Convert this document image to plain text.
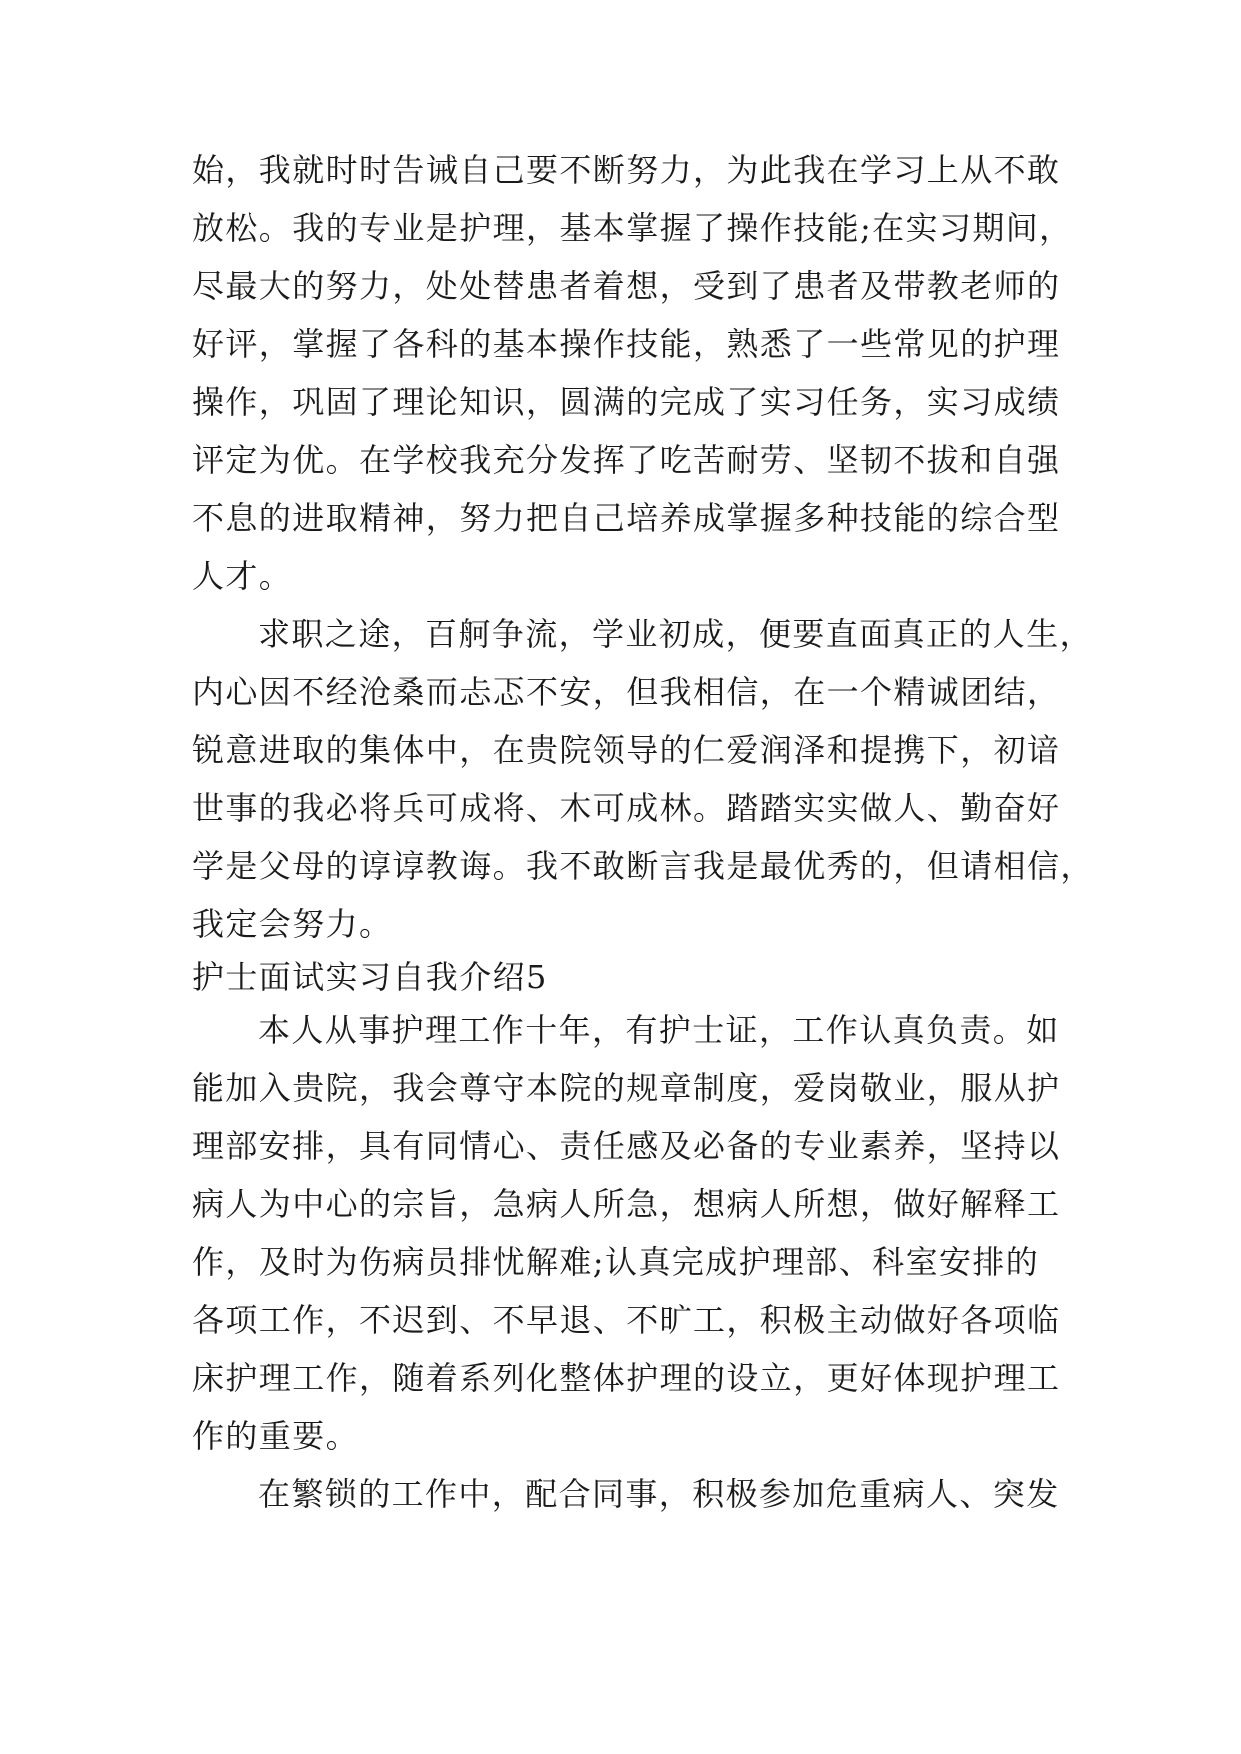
始，我就时时告诫自己要不断努力，为此我在学习上从不敢
放松。我的专业是护理，基本掌握了操作技能;在实习期间，
尽最大的努力，处处替患者着想，受到了患者及带教老师的
好评，掌握了各科的基本操作技能，熟悉了一些常见的护理
操作，巩固了理论知识，圆满的完成了实习任务，实习成绩
评定为优。在学校我充分发挥了吃苦耐劳、坚韧不拔和自强
不息的进取精神，努力把自己培养成掌握多种技能的综合型
人才。
求职之途，百舸争流，学业初成，便要直面真正的人生，
内心因不经沧桑而忐忑不安，但我相信，在一个精诚团结，
锐意进取的集体中，在贵院领导的仁爱润泽和提携下，初谙
世事的我必将兵可成将、木可成林。踏踏实实做人、勤奋好
学是父母的谆谆教诲。我不敢断言我是最优秀的，但请相信，
我定会努力。
护士面试实习自我介绍5
本人从事护理工作十年，有护士证，工作认真负责。如
能加入贵院，我会尊守本院的规章制度，爱岗敬业，服从护
理部安排，具有同情心、责任感及必备的专业素养，坚持以
病人为中心的宗旨，急病人所急，想病人所想，做好解释工
作，及时为伤病员排忧解难;认真完成护理部、科室安排的
各项工作，不迟到、不早退、不旷工，积极主动做好各项临
床护理工作，随着系列化整体护理的设立，更好体现护理工
作的重要。
在繁锁的工作中，配合同事，积极参加危重病人、突发
